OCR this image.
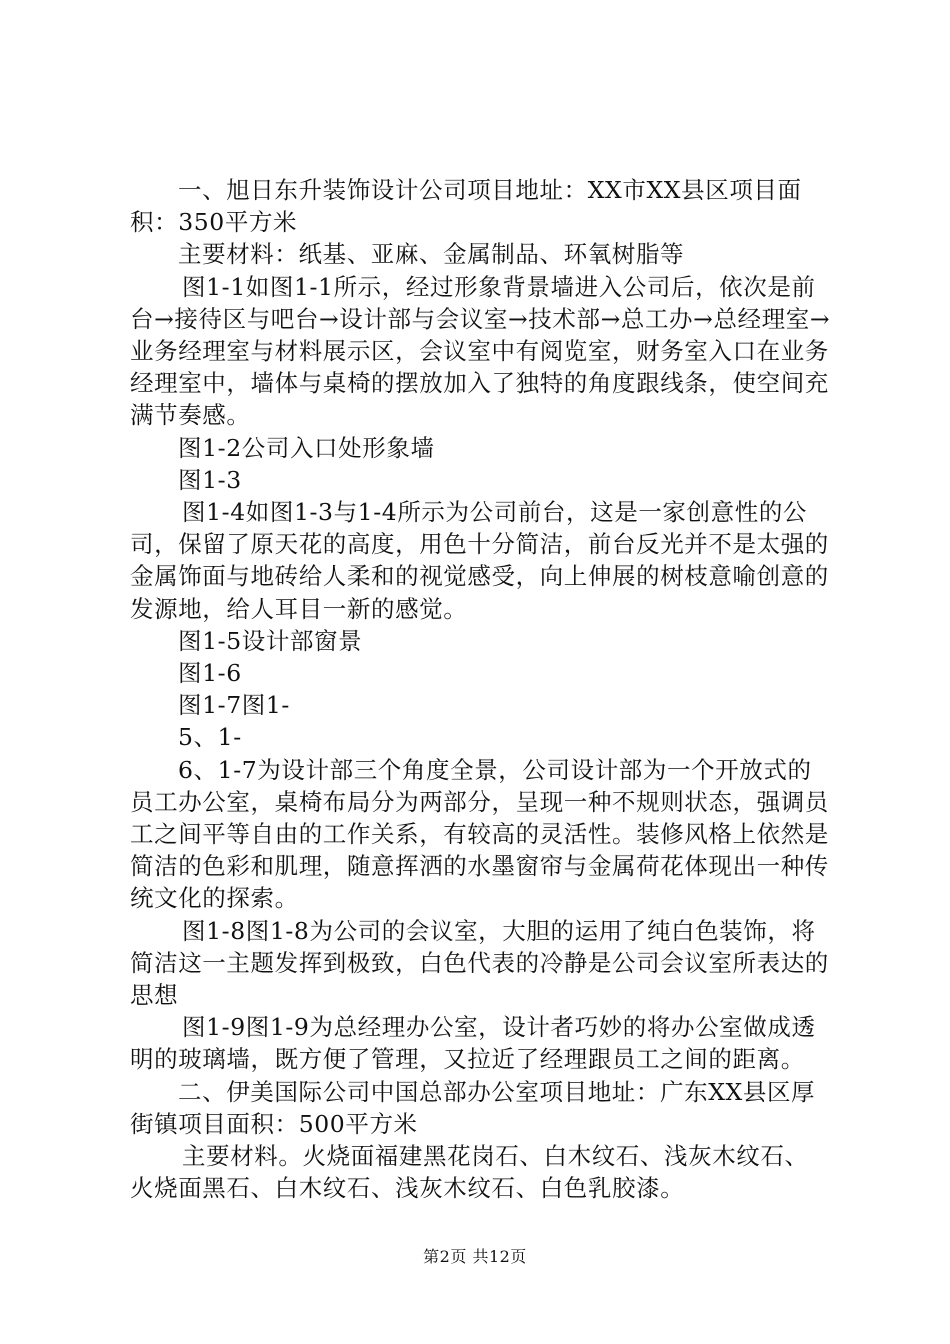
一、旭日东升装饰设计公司项目地址：XX市XX县区项目面积：350平方米

主要材料：纸基、亚麻、金属制品、环氧树脂等

图1-1如图1-1所示，经过形象背景墙进入公司后，依次是前台→接待区与吧台→设计部与会议室→技术部→总工办→总经理室→业务经理室与材料展示区，会议室中有阅览室，财务室入口在业务经理室中，墙体与桌椅的摆放加入了独特的角度跟线条，使空间充满节奏感。

图1-2公司入口处形象墙

图1-3

图1-4如图1-3与1-4所示为公司前台，这是一家创意性的公司，保留了原天花的高度，用色十分简洁，前台反光并不是太强的金属饰面与地砖给人柔和的视觉感受，向上伸展的树枝意喻创意的发源地，给人耳目一新的感觉。

图1-5设计部窗景

图1-6

图1-7图1-

5、1-

6、1-7为设计部三个角度全景，公司设计部为一个开放式的员工办公室，桌椅布局分为两部分，呈现一种不规则状态，强调员工之间平等自由的工作关系，有较高的灵活性。装修风格上依然是简洁的色彩和肌理，随意挥洒的水墨窗帘与金属荷花体现出一种传统文化的探索。

图1-8图1-8为公司的会议室，大胆的运用了纯白色装饰，将简洁这一主题发挥到极致，白色代表的冷静是公司会议室所表达的思想

图1-9图1-9为总经理办公室，设计者巧妙的将办公室做成透明的玻璃墙，既方便了管理，又拉近了经理跟员工之间的距离。

二、伊美国际公司中国总部办公室项目地址：广东XX县区厚街镇项目面积：500平方米

主要材料。火烧面福建黑花岗石、白木纹石、浅灰木纹石、火烧面黑石、白木纹石、浅灰木纹石、白色乳胶漆。

第2页 共12页
